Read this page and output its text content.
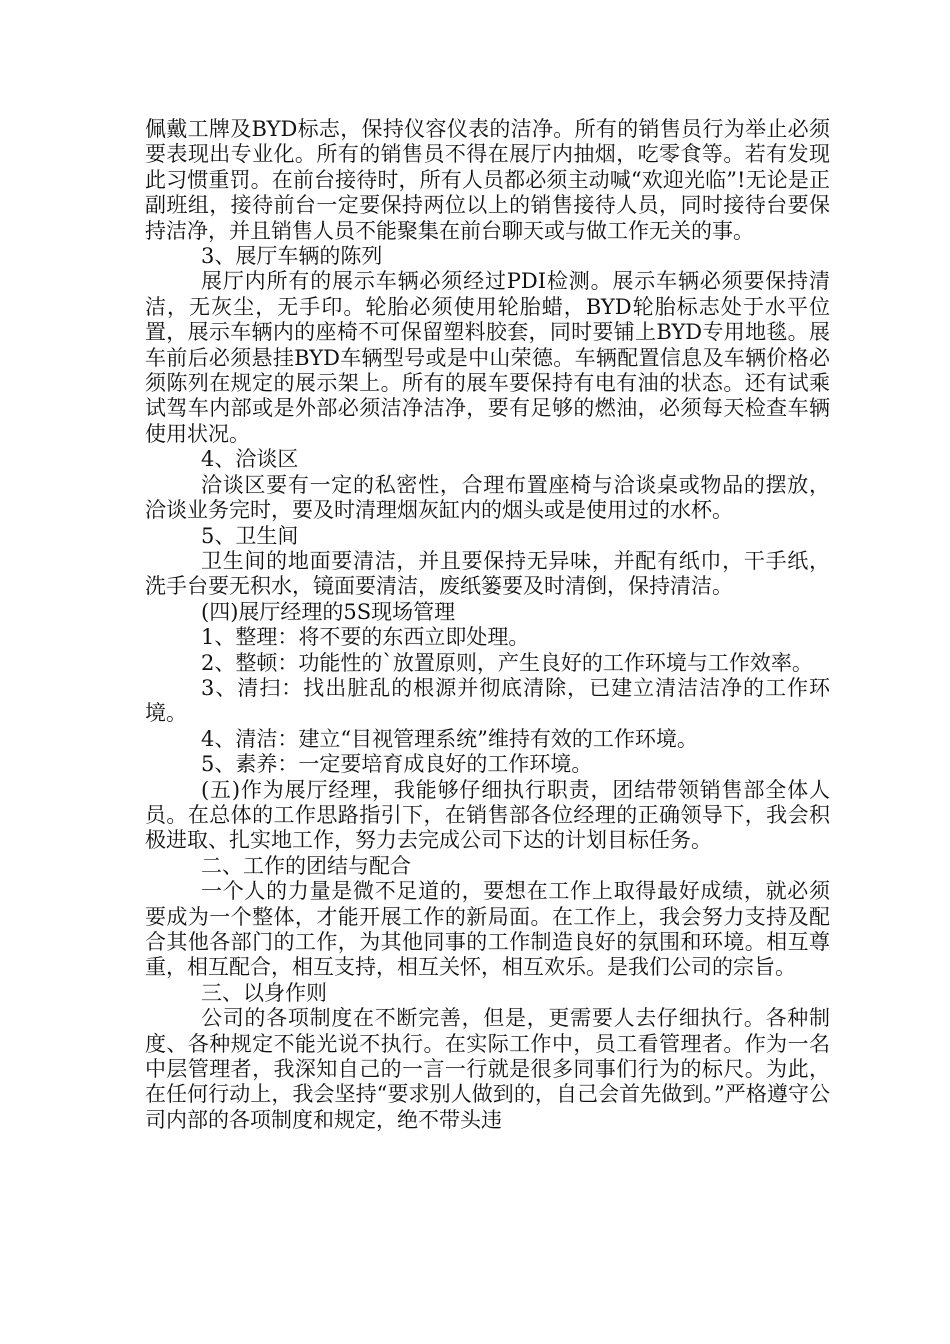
佩戴工牌及BYD标志，保持仪容仪表的洁净。所有的销售员行为举止必须要表现出专业化。所有的销售员不得在展厅内抽烟，吃零食等。若有发现此习惯重罚。在前台接待时，所有人员都必须主动喊“欢迎光临”!无论是正副班组，接待前台一定要保持两位以上的销售接待人员，同时接待台要保持洁净，并且销售人员不能聚集在前台聊天或与做工作无关的事。

3、展厅车辆的陈列

展厅内所有的展示车辆必须经过PDI检测。展示车辆必须要保持清洁，无灰尘，无手印。轮胎必须使用轮胎蜡，BYD轮胎标志处于水平位置，展示车辆内的座椅不可保留塑料胶套，同时要铺上BYD专用地毯。展车前后必须悬挂BYD车辆型号或是中山荣德。车辆配置信息及车辆价格必须陈列在规定的展示架上。所有的展车要保持有电有油的状态。还有试乘试驾车内部或是外部必须洁净洁净，要有足够的燃油，必须每天检查车辆使用状况。

4、洽谈区

洽谈区要有一定的私密性，合理布置座椅与洽谈桌或物品的摆放，洽谈业务完时，要及时清理烟灰缸内的烟头或是使用过的水杯。

5、卫生间

卫生间的地面要清洁，并且要保持无异味，并配有纸巾，干手纸，洗手台要无积水，镜面要清洁，废纸篓要及时清倒，保持清洁。

(四)展厅经理的5S现场管理

1、整理：将不要的东西立即处理。

2、整顿：功能性的`放置原则，产生良好的工作环境与工作效率。

3、清扫：找出脏乱的根源并彻底清除，已建立清洁洁净的工作环境。

4、清洁：建立“目视管理系统”维持有效的工作环境。

5、素养：一定要培育成良好的工作环境。

(五)作为展厅经理，我能够仔细执行职责，团结带领销售部全体人员。在总体的工作思路指引下，在销售部各位经理的正确领导下，我会积极进取、扎实地工作，努力去完成公司下达的计划目标任务。

二、工作的团结与配合

一个人的力量是微不足道的，要想在工作上取得最好成绩，就必须要成为一个整体，才能开展工作的新局面。在工作上，我会努力支持及配合其他各部门的工作，为其他同事的工作制造良好的氛围和环境。相互尊重，相互配合，相互支持，相互关怀，相互欢乐。是我们公司的宗旨。

三、以身作则

公司的各项制度在不断完善，但是，更需要人去仔细执行。各种制度、各种规定不能光说不执行。在实际工作中，员工看管理者。作为一名中层管理者，我深知自己的一言一行就是很多同事们行为的标尺。为此，在任何行动上，我会坚持“要求别人做到的，自己会首先做到。”严格遵守公司内部的各项制度和规定，绝不带头违
